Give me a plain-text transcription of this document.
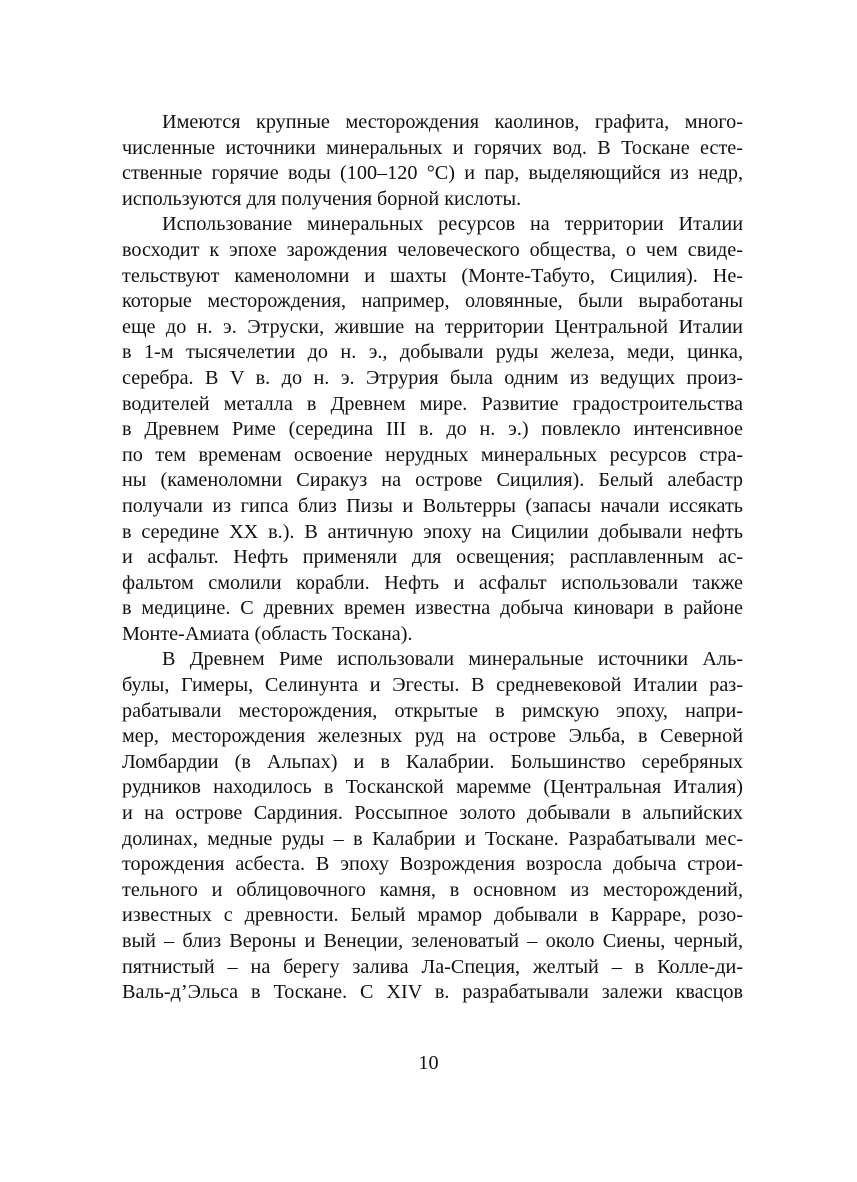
Имеются крупные месторождения каолинов, графита, много-
численные источники минеральных и горячих вод. В Тоскане есте-
ственные горячие воды (100–120 °С) и пар, выделяющийся из недр,
используются для получения борной кислоты.

Использование минеральных ресурсов на территории Италии
восходит к эпохе зарождения человеческого общества, о чем свиде-
тельствуют каменоломни и шахты (Монте-Табуто, Сицилия). Не-
которые месторождения, например, оловянные, были выработаны
еще до н. э. Этруски, жившие на территории Центральной Италии
в 1-м тысячелетии до н. э., добывали руды железа, меди, цинка,
серебра. В V в. до н. э. Этрурия была одним из ведущих произ-
водителей металла в Древнем мире. Развитие градостроительства
в Древнем Риме (середина III в. до н. э.) повлекло интенсивное
по тем временам освоение нерудных минеральных ресурсов стра-
ны (каменоломни Сиракуз на острове Сицилия). Белый алебастр
получали из гипса близ Пизы и Вольтерры (запасы начали иссякать
в середине XX в.). В античную эпоху на Сицилии добывали нефть
и асфальт. Нефть применяли для освещения; расплавленным ас-
фальтом смолили корабли. Нефть и асфальт использовали также
в медицине. С древних времен известна добыча киновари в районе
Монте-Амиата (область Тоскана).

В Древнем Риме использовали минеральные источники Аль-
булы, Гимеры, Селинунта и Эгесты. В средневековой Италии раз-
рабатывали месторождения, открытые в римскую эпоху, напри-
мер, месторождения железных руд на острове Эльба, в Северной
Ломбардии (в Альпах) и в Калабрии. Большинство серебряных
рудников находилось в Тосканской маремме (Центральная Италия)
и на острове Сардиния. Россыпное золото добывали в альпийских
долинах, медные руды – в Калабрии и Тоскане. Разрабатывали мес-
торождения асбеста. В эпоху Возрождения возросла добыча строи-
тельного и облицовочного камня, в основном из месторождений,
известных с древности. Белый мрамор добывали в Карраре, розо-
вый – близ Вероны и Венеции, зеленоватый – около Сиены, черный,
пятнистый – на берегу залива Ла-Специя, желтый – в Колле-ди-
Валь-д’Эльса в Тоскане. С XIV в. разрабатывали залежи квасцов

10
